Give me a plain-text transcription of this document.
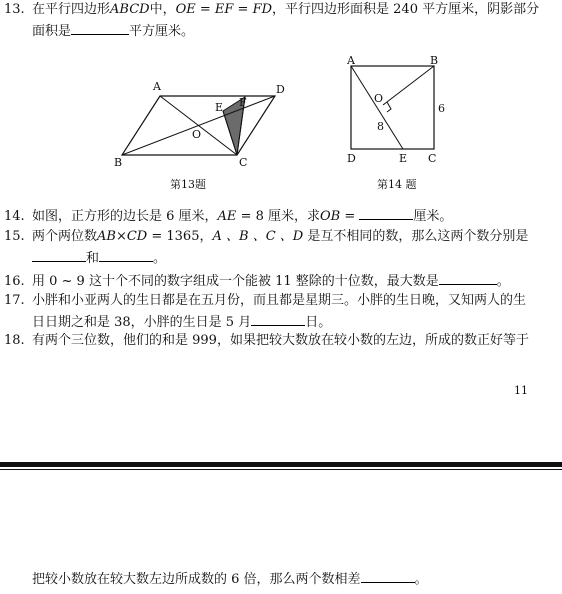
13. 在平行四边形ABCD中，OE = EF = FD，平行四边形面积是 240 平方厘米，阴影部分
面积是	平方厘米。
A	D
B	C
E F
O
第13题
A	B
D	E C
O
6
8
第14 题
14. 如图，正方形的边长是 6 厘米，AE = 8 厘米，求OB =	厘米。
15. 两个两位数AB×CD = 1365，A 、B 、C 、D 是互不相同的数，那么这两个数分别是
和	。
16. 用 0 ~ 9 这十个不同的数字组成一个能被 11 整除的十位数，最大数是	。
17. 小胖和小亚两人的生日都是在五月份，而且都是星期三。小胖的生日晚，又知两人的生
日日期之和是 38，小胖的生日是 5 月	日。
18. 有两个三位数，他们的和是 999，如果把较大数放在较小数的左边，所成的数正好等于
11
把较小数放在较大数左边所成数的 6 倍，那么两个数相差	。
